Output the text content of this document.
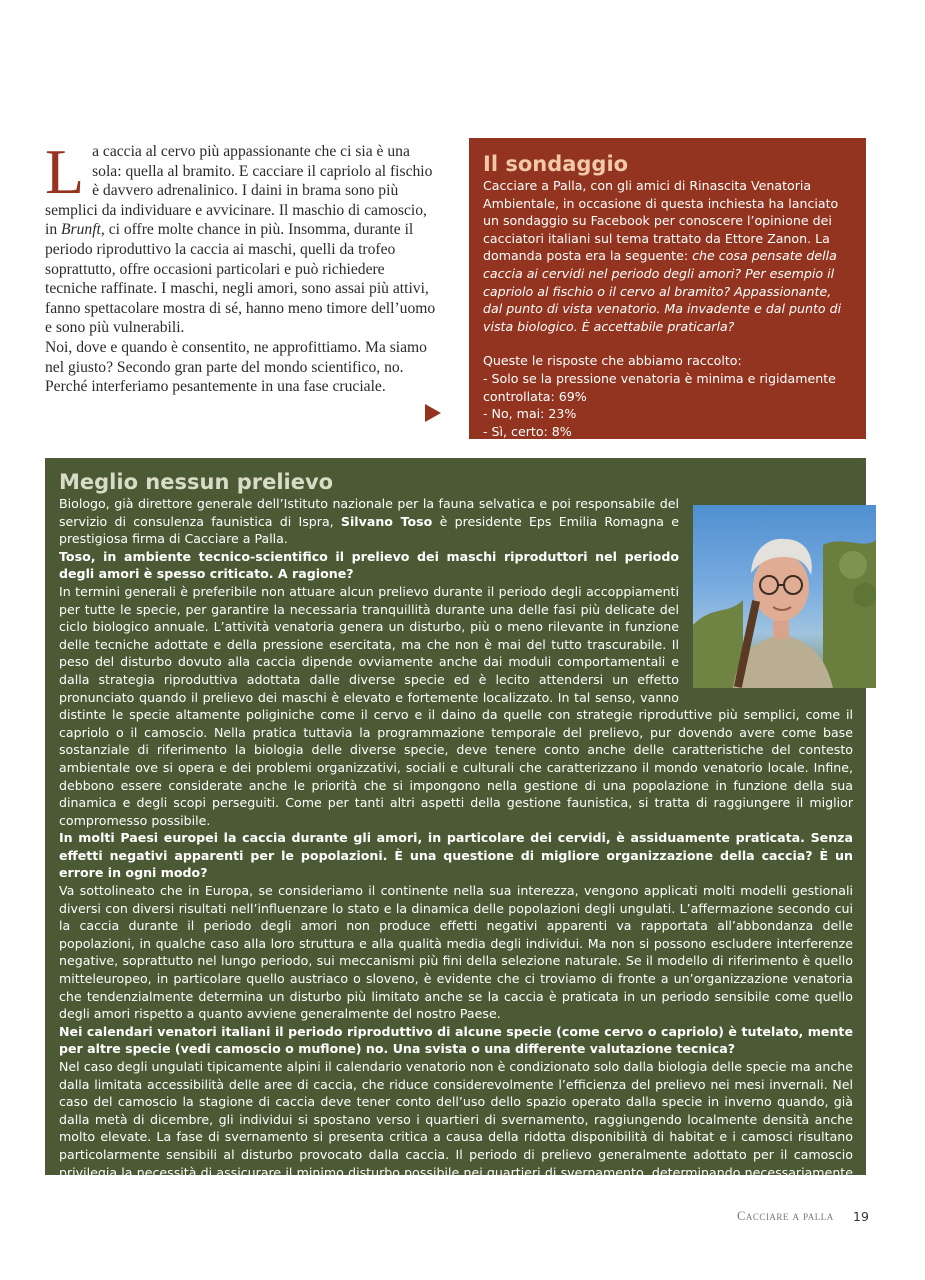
L a caccia al cervo più appassionante che ci sia è una sola: quella al bramito. E cacciare il capriolo al fischio è davvero adrenalinico. I daini in brama sono più semplici da individuare e avvicinare. Il maschio di camoscio, in Brunft, ci offre molte chance in più. Insomma, durante il periodo riproduttivo la caccia ai maschi, quelli da trofeo soprattutto, offre occasioni particolari e può richiedere tecniche raffinate. I maschi, negli amori, sono assai più attivi, fanno spettacolare mostra di sé, hanno meno timore dell’uomo e sono più vulnerabili.

Noi, dove e quando è consentito, ne approfittiamo. Ma siamo nel giusto? Secondo gran parte del mondo scientifico, no. Perché interferiamo pesantemente in una fase cruciale.

Il sondaggio
Cacciare a Palla, con gli amici di Rinascita Venatoria Ambientale, in occasione di questa inchiesta ha lanciato un sondaggio su Facebook per conoscere l’opinione dei cacciatori italiani sul tema trattato da Ettore Zanon. La domanda posta era la seguente: che cosa pensate della caccia ai cervidi nel periodo degli amori? Per esempio il capriolo al fischio o il cervo al bramito? Appassionante, dal punto di vista venatorio. Ma invadente e dal punto di vista biologico. È accettabile praticarla?
Queste le risposte che abbiamo raccolto:
- Solo se la pressione venatoria è minima e rigidamente controllata: 69%
- No, mai: 23%
- Sì, certo: 8%
Meglio nessun prelievo

Biologo, già direttore generale dell’Istituto nazionale per la fauna selvatica e poi responsabile del servizio di consulenza faunistica di Ispra, Silvano Toso è presidente Eps Emilia Romagna e prestigiosa firma di Cacciare a Palla.

Toso, in ambiente tecnico-scientifico il prelievo dei maschi riproduttori nel periodo degli amori è spesso criticato. A ragione?

In termini generali è preferibile non attuare alcun prelievo durante il periodo degli accoppiamenti per tutte le specie, per garantire la necessaria tranquillità durante una delle fasi più delicate del ciclo biologico annuale. L’attività venatoria genera un disturbo, più o meno rilevante in funzione delle tecniche adottate e della pressione esercitata, ma che non è mai del tutto trascurabile. Il peso del disturbo dovuto alla caccia dipende ovviamente anche dai moduli comportamentali e dalla strategia riproduttiva adottata dalle diverse specie ed è lecito attendersi un effetto pronunciato quando il prelievo dei maschi è elevato e fortemente localizzato. In tal senso, vanno distinte le specie altamente poliginiche come il cervo e il daino da quelle con strategie riproduttive più semplici, come il capriolo o il camoscio. Nella pratica tuttavia la programmazione temporale del prelievo, pur dovendo avere come base sostanziale di riferimento la biologia delle diverse specie, deve tenere conto anche delle caratteristiche del contesto ambientale ove si opera e dei problemi organizzativi, sociali e culturali che caratterizzano il mondo venatorio locale. Infine, debbono essere considerate anche le priorità che si impongono nella gestione di una popolazione in funzione della sua dinamica e degli scopi perseguiti. Come per tanti altri aspetti della gestione faunistica, si tratta di raggiungere il miglior compromesso possibile.

In molti Paesi europei la caccia durante gli amori, in particolare dei cervidi, è assiduamente praticata. Senza effetti negativi apparenti per le popolazioni. È una questione di migliore organizzazione della caccia? È un errore in ogni modo?

Va sottolineato che in Europa, se consideriamo il continente nella sua interezza, vengono applicati molti modelli gestionali diversi con diversi risultati nell’influenzare lo stato e la dinamica delle popolazioni degli ungulati. L’affermazione secondo cui la caccia durante il periodo degli amori non produce effetti negativi apparenti va rapportata all’abbondanza delle popolazioni, in qualche caso alla loro struttura e alla qualità media degli individui. Ma non si possono escludere interferenze negative, soprattutto nel lungo periodo, sui meccanismi più fini della selezione naturale. Se il modello di riferimento è quello mitteleuropeo, in particolare quello austriaco o sloveno, è evidente che ci troviamo di fronte a un’organizzazione venatoria che tendenzialmente determina un disturbo più limitato anche se la caccia è praticata in un periodo sensibile come quello degli amori rispetto a quanto avviene generalmente del nostro Paese.

Nei calendari venatori italiani il periodo riproduttivo di alcune specie (come cervo o capriolo) è tutelato, mente per altre specie (vedi camoscio o muflone) no. Una svista o una differente valutazione tecnica?

Nel caso degli ungulati tipicamente alpini il calendario venatorio non è condizionato solo dalla biologia delle specie ma anche dalla limitata accessibilità delle aree di caccia, che riduce considerevolmente l’efficienza del prelievo nei mesi invernali. Nel caso del camoscio la stagione di caccia deve tener conto dell’uso dello spazio operato dalla specie in inverno quando, già dalla metà di dicembre, gli individui si spostano verso i quartieri di svernamento, raggiungendo localmente densità anche molto elevate. La fase di svernamento si presenta critica a causa della ridotta disponibilità di habitat e i camosci risultano particolarmente sensibili al disturbo provocato dalla caccia. Il periodo di prelievo generalmente adottato per il camoscio privilegia la necessità di assicurare il minimo disturbo possibile nei quartieri di svernamento, determinando necessariamente una sovrapposizione della stagione venatoria con il periodo degli accoppiamenti.

Cacciare a palla 19
